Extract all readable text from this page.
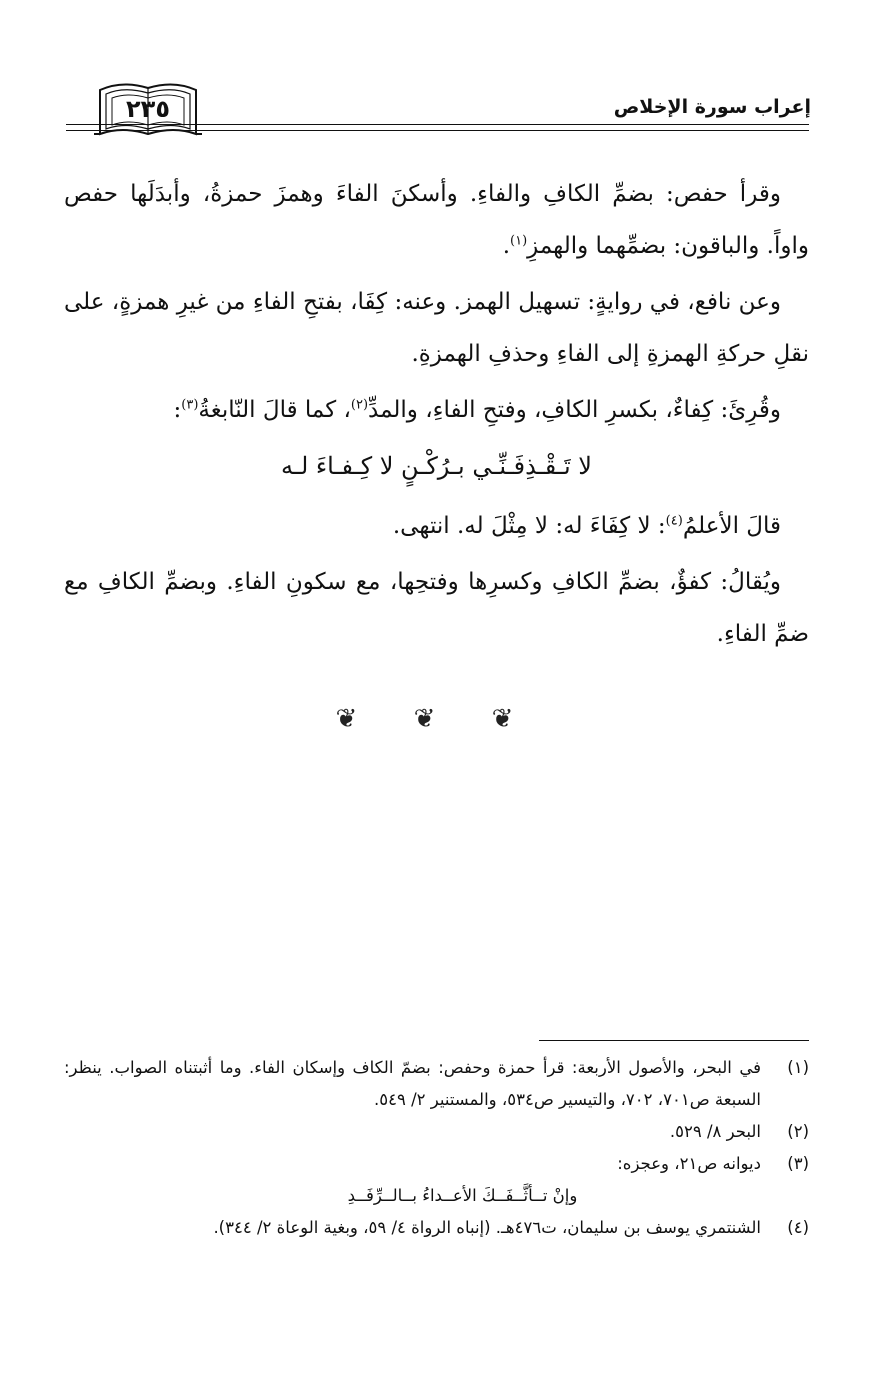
٢٣٥	إعراب سورة الإخلاص

وقرأ حفص: بضمِّ الكافِ والفاءِ. وأسكنَ الفاءَ وهمزَ حمزةُ، وأبدَلَها حفص واواً. والباقون: بضمِّهما والهمزِ$^{(١)}$.

وعن نافع، في روايةٍ: تسهيل الهمز. وعنه: كِفَا، بفتحِ الفاءِ من غيرِ همزةٍ، على نقلِ حركةِ الهمزةِ إلى الفاءِ وحذفِ الهمزةِ.

وقُرِئَ: كِفاءٌ، بكسرِ الكافِ، وفتحِ الفاءِ، والمدِّ$^{(٢)}$، كما قالَ النّابغةُ$^{(٣)}$:

لا تَـقْـذِفَـنِّـي بـرُكْـنٍ لا كِـفـاءَ لـه

قالَ الأعلمُ$^{(٤)}$: لا كِفَاءَ له: لا مِثْلَ له. انتهى.

ويُقالُ: كفؤٌ، بضمِّ الكافِ وكسرِها وفتحِها، مع سكونِ الفاءِ. وبضمِّ الكافِ مع ضمِّ الفاءِ.

❦ ❦ ❦
(١)
في البحر، والأصول الأربعة: قرأ حمزة وحفص: بضمّ الكاف وإسكان الفاء. وما أثبتناه الصواب. ينظر: السبعة ص٧٠١، ٧٠٢، والتيسير ص٥٣٤، والمستنير ٢/ ٥٤٩.
(٢)
البحر ٨/ ٥٢٩.
(٣)
ديوانه ص٢١، وعجزه:
وإنْ تــأثَّــفَــكَ الأعــداءُ بــالــرِّفَــدِ
(٤)
الشنتمري يوسف بن سليمان، ت٤٧٦هـ. (إنباه الرواة ٤/ ٥٩، وبغية الوعاة ٢/ ٣٤٤).
